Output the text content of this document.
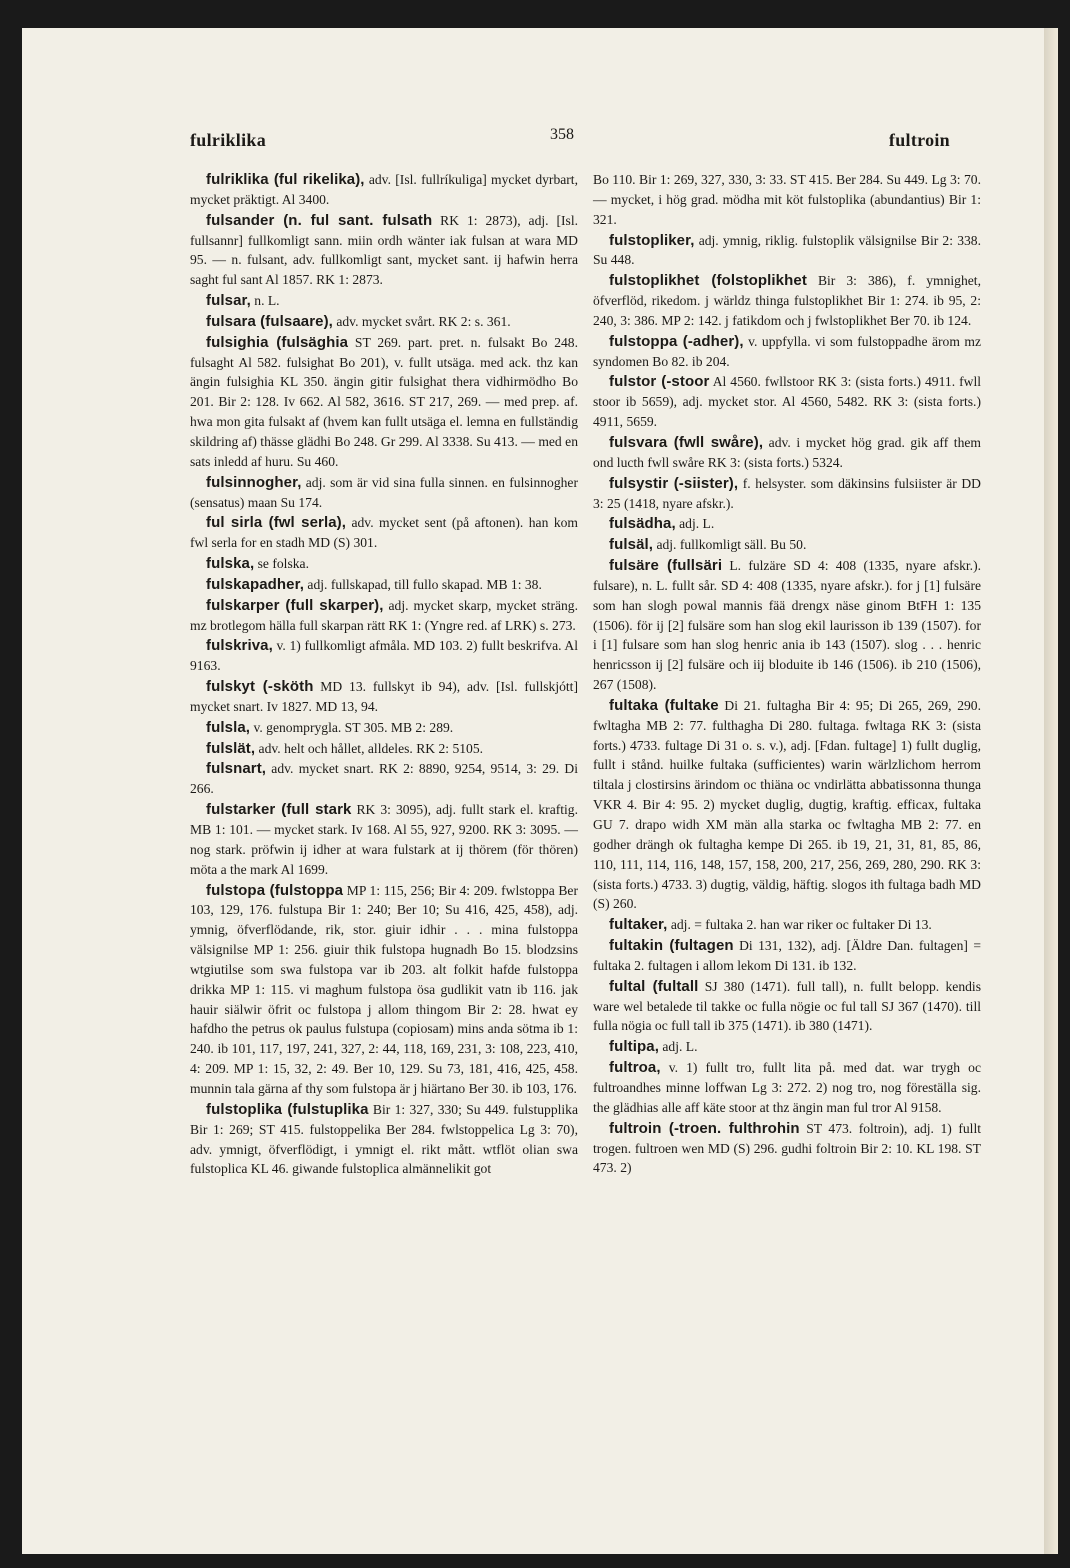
fulriklika	358	fultroin

fulriklika (ful rikelika), adv. [Isl. fullríkuliga] mycket dyrbart, mycket präktigt. Al 3400.

fulsander (n. ful sant. fulsath RK 1: 2873), adj. [Isl. fullsannr] fullkomligt sann. miin ordh wänter iak fulsan at wara MD 95. — n. fulsant, adv. fullkomligt sant, mycket sant. ij hafwin herra saght ful sant Al 1857. RK 1: 2873.

fulsar, n. L.

fulsara (fulsaare), adv. mycket svårt. RK 2: s. 361.

fulsighia (fulsäghia ST 269. part. pret. n. fulsakt Bo 248. fulsaght Al 582. fulsighat Bo 201), v. fullt utsäga. med ack. thz kan ängin fulsighia KL 350. ängin gitir fulsighat thera vidhirmödho Bo 201. Bir 2: 128. Iv 662. Al 582, 3616. ST 217, 269. — med prep. af. hwa mon gita fulsakt af (hvem kan fullt utsäga el. lemna en fullständig skildring af) thässe glädhi Bo 248. Gr 299. Al 3338. Su 413. — med en sats inledd af huru. Su 460.

fulsinnogher, adj. som är vid sina fulla sinnen. en fulsinnogher (sensatus) maan Su 174.

ful sirla (fwl serla), adv. mycket sent (på aftonen). han kom fwl serla for en stadh MD (S) 301.

fulska, se folska.

fulskapadher, adj. fullskapad, till fullo skapad. MB 1: 38.

fulskarper (full skarper), adj. mycket skarp, mycket sträng. mz brotlegom hälla full skarpan rätt RK 1: (Yngre red. af LRK) s. 273.

fulskriva, v. 1) fullkomligt afmåla. MD 103. 2) fullt beskrifva. Al 9163.

fulskyt (-sköth MD 13. fullskyt ib 94), adv. [Isl. fullskjótt] mycket snart. Iv 1827. MD 13, 94.

fulsla, v. genomprygla. ST 305. MB 2: 289.

fulslät, adv. helt och hållet, alldeles. RK 2: 5105.

fulsnart, adv. mycket snart. RK 2: 8890, 9254, 9514, 3: 29. Di 266.

fulstarker (full stark RK 3: 3095), adj. fullt stark el. kraftig. MB 1: 101. — mycket stark. Iv 168. Al 55, 927, 9200. RK 3: 3095. — nog stark. pröfwin ij idher at wara fulstark at ij thörem (för thören) möta a the mark Al 1699.

fulstopa (fulstoppa MP 1: 115, 256; Bir 4: 209. fwlstoppa Ber 103, 129, 176. fulstupa Bir 1: 240; Ber 10; Su 416, 425, 458), adj. ymnig, öfverflödande, rik, stor. giuir idhir . . . mina fulstoppa välsignilse MP 1: 256. giuir thik fulstopa hugnadh Bo 15. blodzsins wtgiutilse som swa fulstopa var ib 203. alt folkit hafde fulstoppa drikka MP 1: 115. vi maghum fulstopa ösa gudlikit vatn ib 116. jak hauir siälwir öfrit oc fulstopa j allom thingom Bir 2: 28. hwat ey hafdho the petrus ok paulus fulstupa (copiosam) mins anda sötma ib 1: 240. ib 101, 117, 197, 241, 327, 2: 44, 118, 169, 231, 3: 108, 223, 410, 4: 209. MP 1: 15, 32, 2: 49. Ber 10, 129. Su 73, 181, 416, 425, 458. munnin tala gärna af thy som fulstopa är j hiärtano Ber 30. ib 103, 176.

fulstoplika (fulstuplika Bir 1: 327, 330; Su 449. fulstupplika Bir 1: 269; ST 415. fulstoppelika Ber 284. fwlstoppelica Lg 3: 70), adv. ymnigt, öfverflödigt, i ymnigt el. rikt mått. wtflöt olian swa fulstoplica KL 46. giwande fulstoplica almännelikit got

Bo 110. Bir 1: 269, 327, 330, 3: 33. ST 415. Ber 284. Su 449. Lg 3: 70. — mycket, i hög grad. mödha mit köt fulstoplika (abundantius) Bir 1: 321.

fulstopliker, adj. ymnig, riklig. fulstoplik välsignilse Bir 2: 338. Su 448.

fulstoplikhet (folstoplikhet Bir 3: 386), f. ymnighet, öfverflöd, rikedom. j wärldz thinga fulstoplikhet Bir 1: 274. ib 95, 2: 240, 3: 386. MP 2: 142. j fatikdom och j fwlstoplikhet Ber 70. ib 124.

fulstoppa (-adher), v. uppfylla. vi som fulstoppadhe ärom mz syndomen Bo 82. ib 204.

fulstor (-stoor Al 4560. fwllstoor RK 3: (sista forts.) 4911. fwll stoor ib 5659), adj. mycket stor. Al 4560, 5482. RK 3: (sista forts.) 4911, 5659.

fulsvara (fwll swåre), adv. i mycket hög grad. gik aff them ond lucth fwll swåre RK 3: (sista forts.) 5324.

fulsystir (-siister), f. helsyster. som däkinsins fulsiister är DD 3: 25 (1418, nyare afskr.).

fulsädha, adj. L.

fulsäl, adj. fullkomligt säll. Bu 50.

fulsäre (fullsäri L. fulzäre SD 4: 408 (1335, nyare afskr.). fulsare), n. L. fullt sår. SD 4: 408 (1335, nyare afskr.). for j [1] fulsäre som han slogh powal mannis fää drengx näse ginom BtFH 1: 135 (1506). för ij [2] fulsäre som han slog ekil laurisson ib 139 (1507). for i [1] fulsare som han slog henric ania ib 143 (1507). slog . . . henric henricsson ij [2] fulsäre och iij bloduite ib 146 (1506). ib 210 (1506), 267 (1508).

fultaka (fultake Di 21. fultagha Bir 4: 95; Di 265, 269, 290. fwltagha MB 2: 77. fulthagha Di 280. fultaga. fwltaga RK 3: (sista forts.) 4733. fultage Di 31 o. s. v.), adj. [Fdan. fultage] 1) fullt duglig, fullt i stånd. huilke fultaka (sufficientes) warin wärlzlichom herrom tiltala j clostirsins ärindom oc thiäna oc vndirlätta abbatissonna thunga VKR 4. Bir 4: 95. 2) mycket duglig, dugtig, kraftig. efficax, fultaka GU 7. drapo widh XM män alla starka oc fwltagha MB 2: 77. en godher drängh ok fultagha kempe Di 265. ib 19, 21, 31, 81, 85, 86, 110, 111, 114, 116, 148, 157, 158, 200, 217, 256, 269, 280, 290. RK 3: (sista forts.) 4733. 3) dugtig, väldig, häftig. slogos ith fultaga badh MD (S) 260.

fultaker, adj. = fultaka 2. han war riker oc fultaker Di 13.

fultakin (fultagen Di 131, 132), adj. [Äldre Dan. fultagen] = fultaka 2. fultagen i allom lekom Di 131. ib 132.

fultal (fultall SJ 380 (1471). full tall), n. fullt belopp. kendis ware wel betalede til takke oc fulla nögie oc ful tall SJ 367 (1470). till fulla nögia oc full tall ib 375 (1471). ib 380 (1471).

fultipa, adj. L.

fultroa, v. 1) fullt tro, fullt lita på. med dat. war trygh oc fultroandhes minne loffwan Lg 3: 272. 2) nog tro, nog föreställa sig. the glädhias alle aff käte stoor at thz ängin man ful tror Al 9158.

fultroin (-troen. fulthrohin ST 473. foltroin), adj. 1) fullt trogen. fultroen wen MD (S) 296. gudhi foltroin Bir 2: 10. KL 198. ST 473. 2)
